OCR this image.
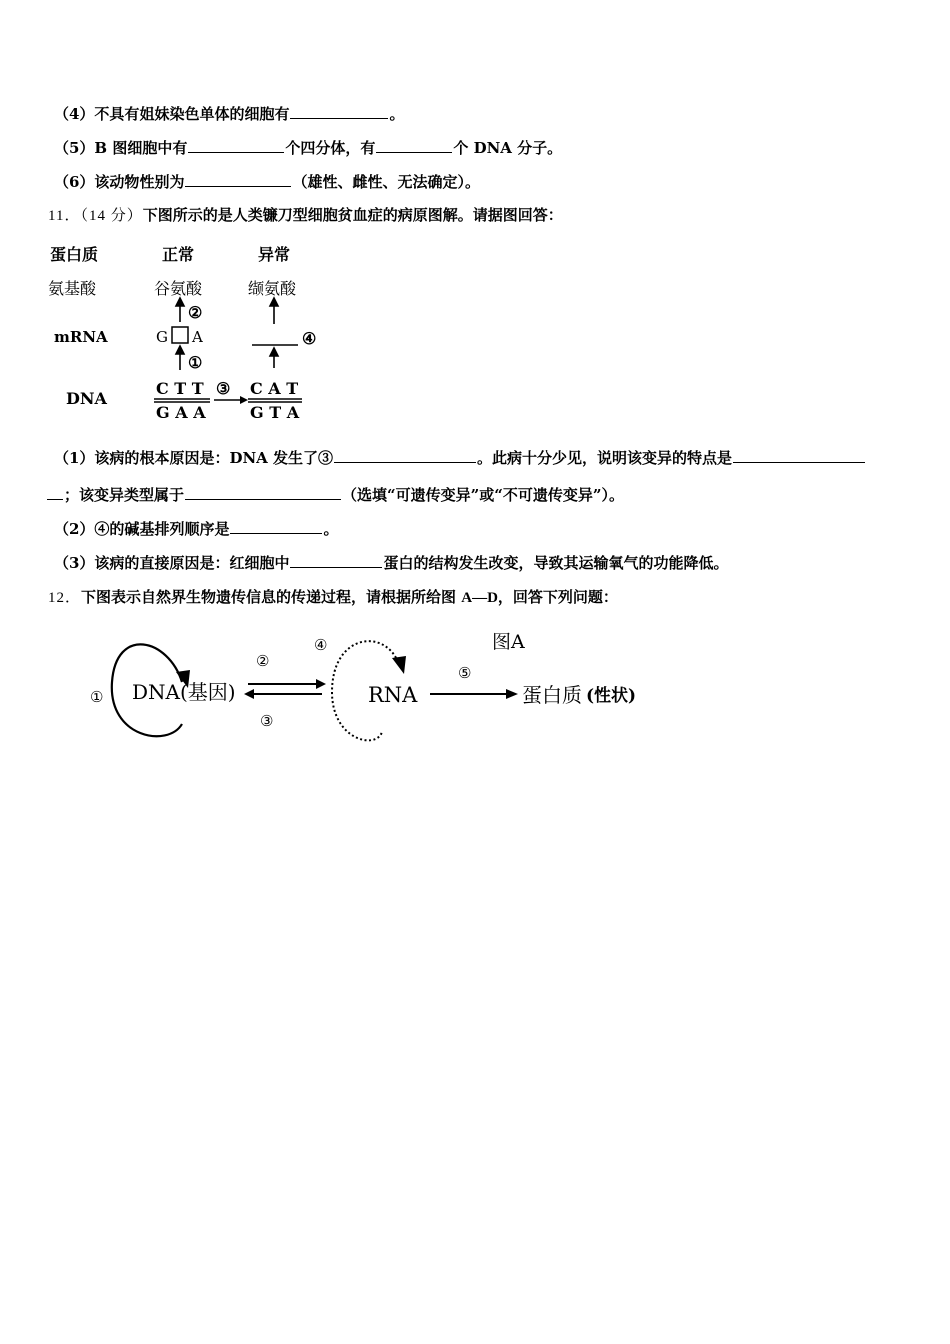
（4）不具有姐妹染色单体的细胞有	。
（5）B 图细胞中有	个四分体，有	个 DNA 分子。
（6）该动物性别为	（雄性、雌性、无法确定）。
11．（14 分）下图所示的是人类镰刀型细胞贫血症的病原图解。请据图回答：
蛋白质	正常	异常
氨基酸	谷氨酸	缬氨酸
②
①
④
mRNA	G A
DNA
C T T
G A A
C A T
G T A
③
（1）该病的根本原因是：DNA 发生了③	。此病十分少见，说明该变异的特点是
；该变异类型属于	（选填“可遗传变异”或“不可遗传变异”）。
（2）④的碱基排列顺序是	。
（3）该病的直接原因是：红细胞中	蛋白的结构发生改变，导致其运输氧气的功能降低。
12．下图表示自然界生物遗传信息的传递过程，请根据所给图 A—D，回答下列问题：
图A
① DNA(基因)
②
③
④
RNA
⑤
蛋白质 (性状)
